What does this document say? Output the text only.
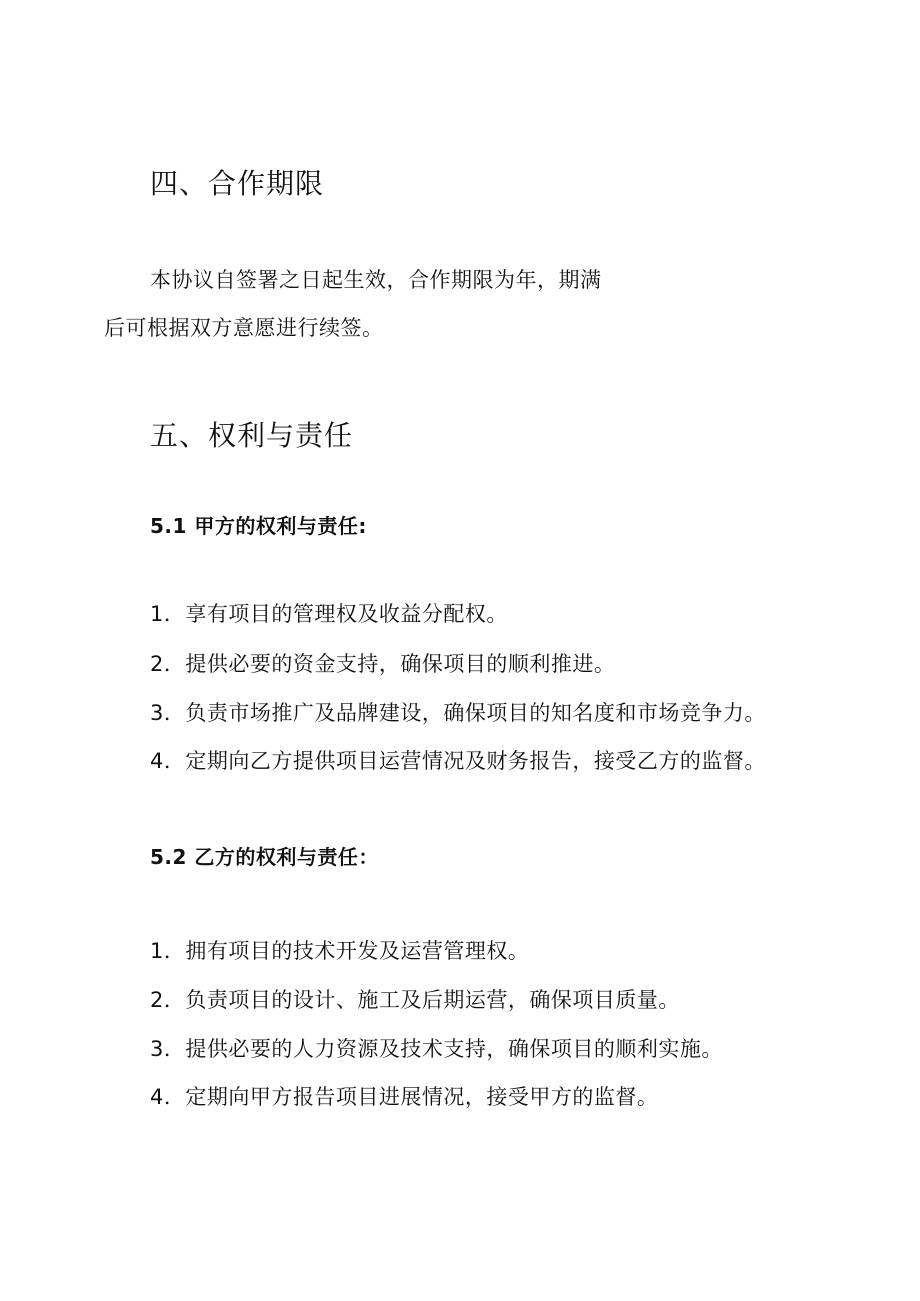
四、合作期限

本协议自签署之日起生效，合作期限为年，期满

后可根据双方意愿进行续签。

五、权利与责任
5.1 甲方的权利与责任:

1．享有项目的管理权及收益分配权。

2．提供必要的资金支持，确保项目的顺利推进。

3．负责市场推广及品牌建设，确保项目的知名度和市场竞争力。

4．定期向乙方提供项目运营情况及财务报告，接受乙方的监督。

5.2 乙方的权利与责任：

1．拥有项目的技术开发及运营管理权。

2．负责项目的设计、施工及后期运营，确保项目质量。

3．提供必要的人力资源及技术支持，确保项目的顺利实施。

4．定期向甲方报告项目进展情况，接受甲方的监督。
